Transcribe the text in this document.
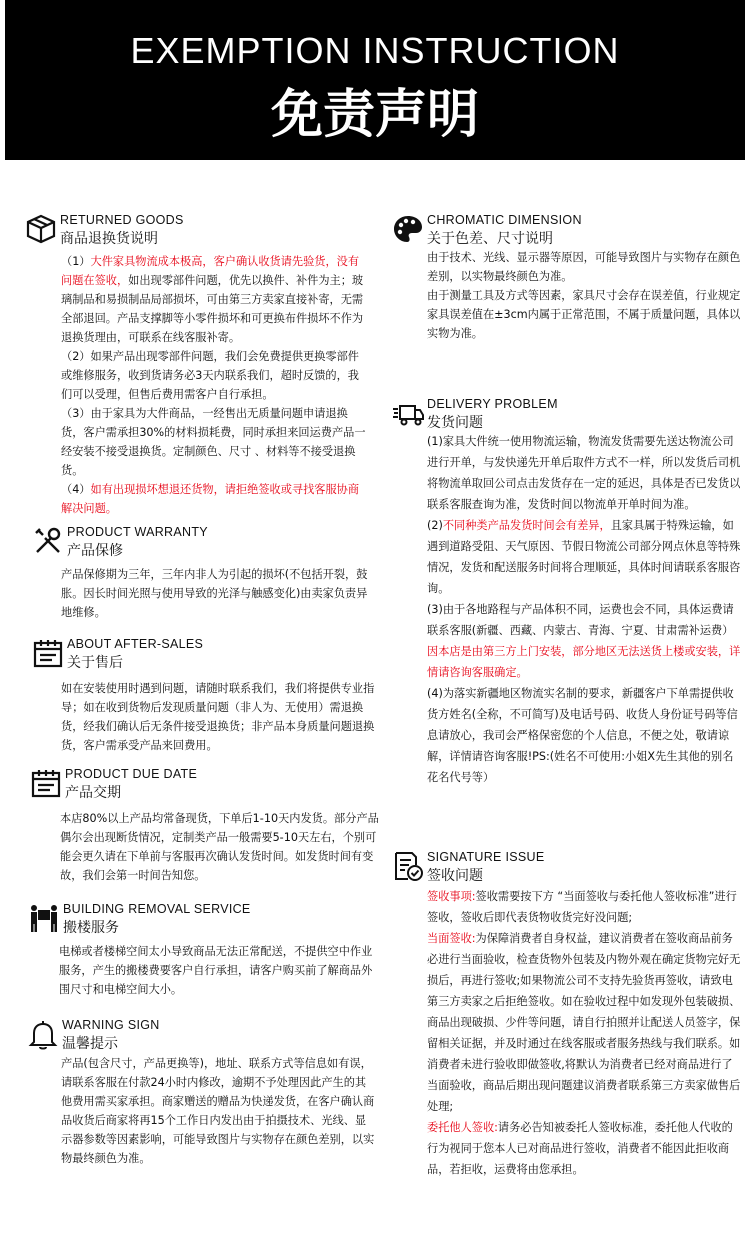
EXEMPTION INSTRUCTION
免责声明
RETURNED GOODS
商品退换货说明

（1）大件家具物流成本极高，客户确认收货请先验货，没有问题在签收，如出现零部件问题，优先以换件、补件为主；玻璃制品和易损制品局部损坏，可由第三方卖家直接补寄，无需全部退回。产品支撑脚等小零件损坏和可更换布件损坏不作为退换货理由，可联系在线客服补寄。

（2）如果产品出现零部件问题，我们会免费提供更换零部件或维修服务，收到货请务必3天内联系我们，超时反馈的，我们可以受理，但售后费用需客户自行承担。

（3）由于家具为大件商品，一经售出无质量问题申请退换货，客户需承担30%的材料损耗费，同时承担来回运费产品一经安装不接受退换货。定制颜色、尺寸 、材料等不接受退换货。

（4）如有出现损坏想退还货物，请拒绝签收或寻找客服协商解决问题。

PRODUCT WARRANTY
产品保修

产品保修期为三年，三年内非人为引起的损坏(不包括开裂，鼓胀。因长时间光照与使用导致的光泽与触感变化)由卖家负责异地维修。

ABOUT AFTER-SALES
关于售后

如在安装使用时遇到问题，请随时联系我们，我们将提供专业指导；如在收到货物后发现质量问题（非人为、无使用）需退换货，经我们确认后无条件接受退换货；非产品本身质量问题退换货，客户需承受产品来回费用。

PRODUCT DUE DATE
产品交期

本店80%以上产品均常备现货，下单后1-10天内发货。部分产品偶尔会出现断货情况，定制类产品一般需要5-10天左右，个别可能会更久请在下单前与客服再次确认发货时间。如发货时间有变故，我们会第一时间告知您。

BUILDING REMOVAL SERVICE
搬楼服务

电梯或者楼梯空间太小导致商品无法正常配送，不提供空中作业服务，产生的搬楼费要客户自行承担，请客户购买前了解商品外围尺寸和电梯空间大小。

WARNING SIGN
温馨提示

产品(包含尺寸，产品更换等)，地址、联系方式等信息如有误，请联系客服在付款24小时内修改，逾期不予处理因此产生的其他费用需买家承担。商家赠送的赠品为快递发货，在客户确认商品收货后商家将再15个工作日内发出由于拍摄技术、光线、显示器参数等因素影响，可能导致图片与实物存在颜色差别，以实物最终颜色为准。

CHROMATIC DIMENSION
关于色差、尺寸说明

由于技术、光线、显示器等原因，可能导致图片与实物存在颜色差别，以实物最终颜色为准。

由于测量工具及方式等因素，家具尺寸会存在误差值，行业规定家具误差值在±3cm内属于正常范围，不属于质量问题，具体以实物为准。

DELIVERY PROBLEM
发货问题

(1)家具大件统一使用物流运输，物流发货需要先送达物流公司进行开单，与发快递先开单后取件方式不一样，所以发货后司机将物流单取回公司点击发货存在一定的延迟，具体是否已发货以联系客服查询为准，发货时间以物流单开单时间为准。

(2)不同种类产品发货时间会有差异，且家具属于特殊运输，如遇到道路受阻、天气原因、节假日物流公司部分网点休息等特殊情况，发货和配送服务时间将合理顺延，具体时间请联系客服咨询。

(3)由于各地路程与产品体积不同，运费也会不同，具体运费请联系客服(新疆、西藏、内蒙古、青海、宁夏、甘肃需补运费）因本店是由第三方上门安装，部分地区无法送货上楼或安装，详情请咨询客服确定。

(4)为落实新疆地区物流实名制的要求，新疆客户下单需提供收货方姓名(全称，不可简写)及电话号码、收货人身份证号码等信息请放心，我司会严格保密您的个人信息，不便之处，敬请谅解，详情请咨询客服!PS:(姓名不可使用:小姐X先生其他的别名花名代号等）

SIGNATURE ISSUE
签收问题

签收事项:签收需要按下方 “当面签收与委托他人签收标准”进行签收，签收后即代表货物收货完好没问题;

当面签收:为保障消费者自身权益，建议消费者在签收商品前务必进行当面验收，检查货物外包装及内物外观在确定货物完好无损后，再进行签收;如果物流公司不支持先验货再签收，请致电第三方卖家之后拒绝签收。如在验收过程中如发现外包装破损、商品出现破损、少件等问题，请自行拍照并让配送人员签字，保留相关证据，并及时通过在线客服或者服务热线与我们联系。如消费者未进行验收即做签收,将默认为消费者已经对商品进行了当面验收，商品后期出现问题建议消费者联系第三方卖家做售后处理;

委托他人签收:请务必告知被委托人签收标准，委托他人代收的行为视同于您本人已对商品进行签收，消费者不能因此拒收商品，若拒收，运费将由您承担。
